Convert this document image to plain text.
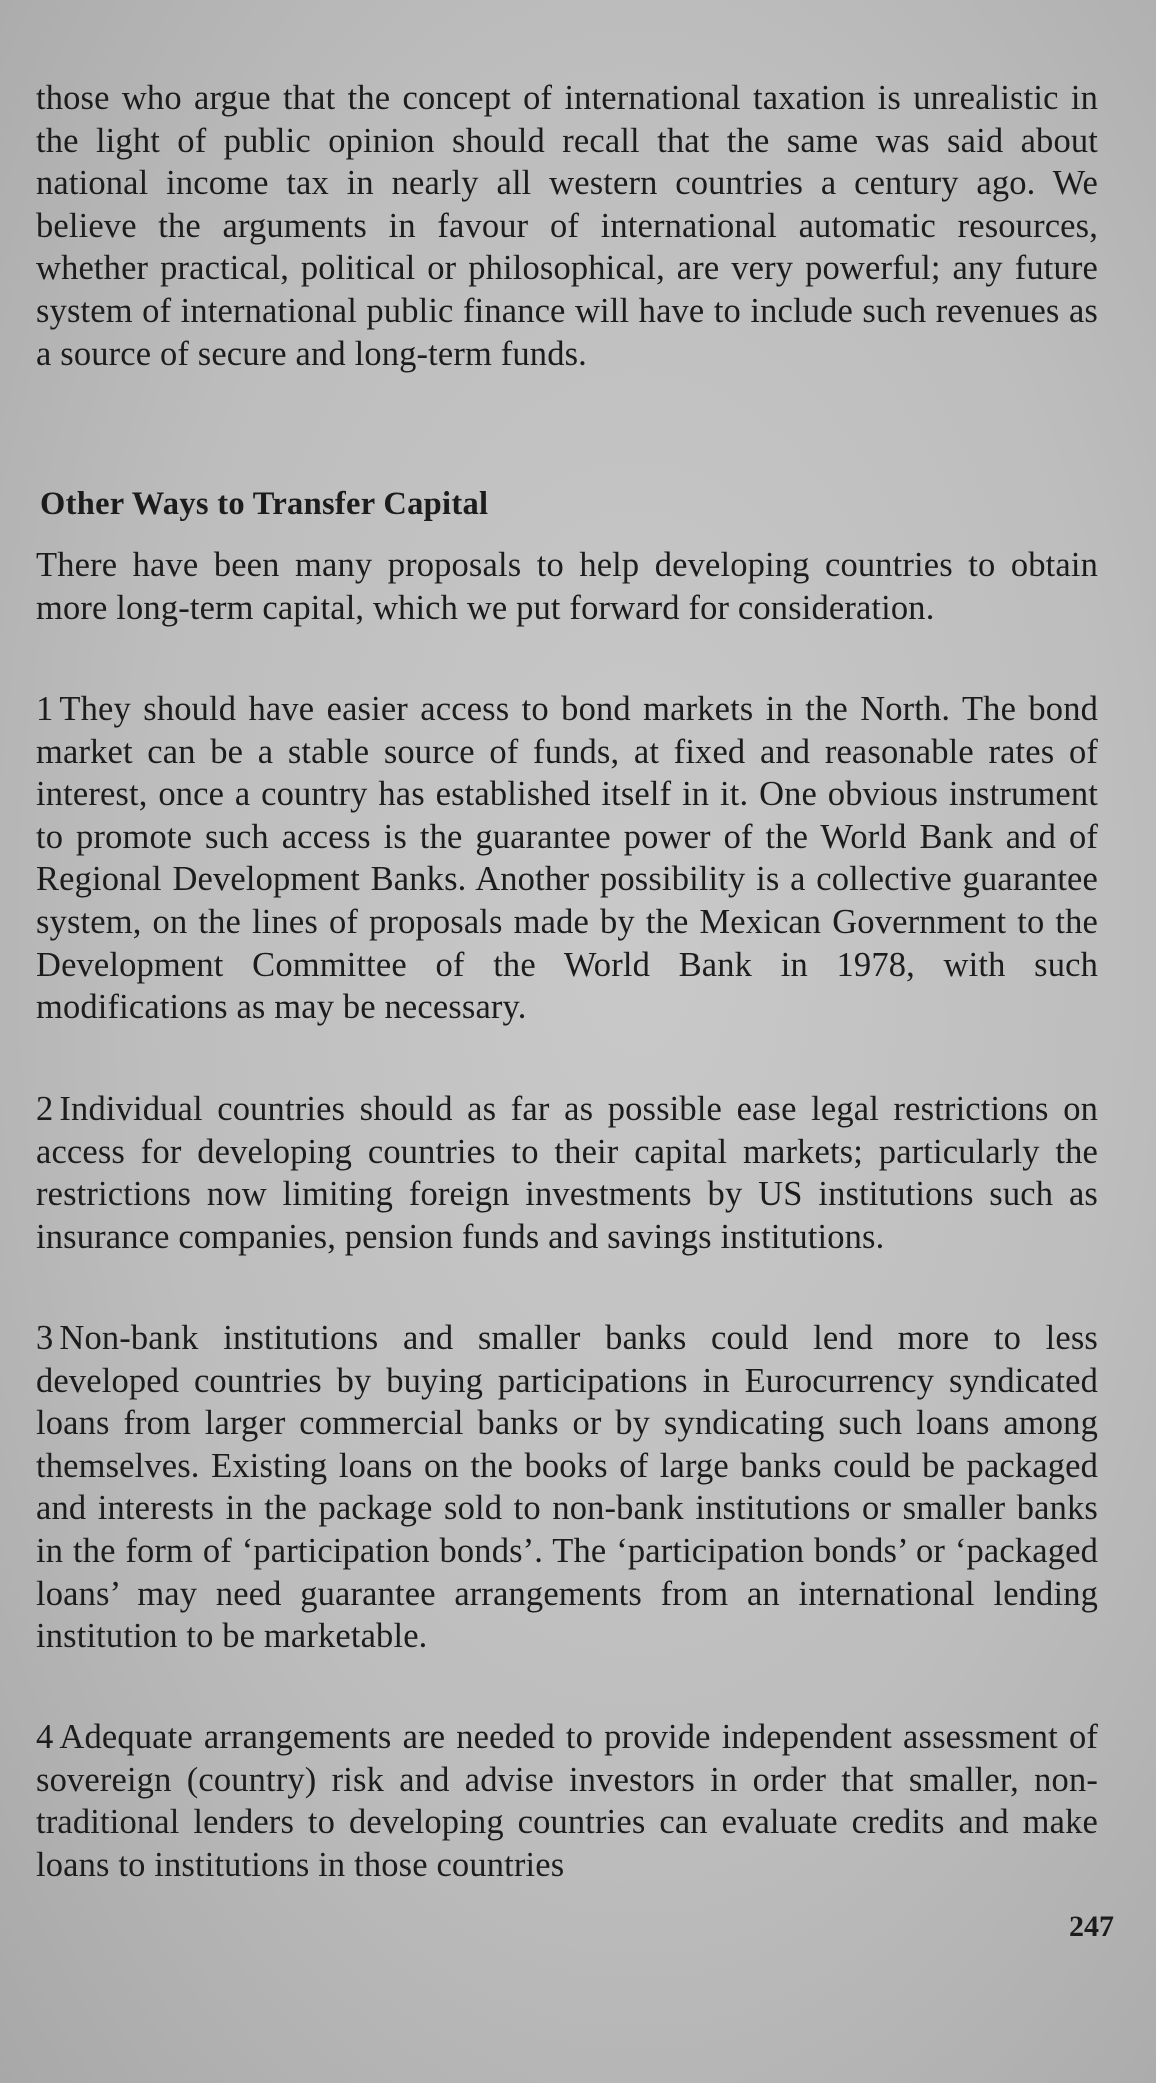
those who argue that the concept of international taxation is unrealistic in the light of public opinion should recall that the same was said about national income tax in nearly all western countries a century ago. We believe the arguments in favour of international automatic resources, whether practical, political or philosophical, are very powerful; any future system of international public finance will have to include such revenues as a source of secure and long-term funds.

Other Ways to Transfer Capital

There have been many proposals to help developing countries to obtain more long-term capital, which we put forward for consideration.

1 They should have easier access to bond markets in the North. The bond market can be a stable source of funds, at fixed and reasonable rates of interest, once a country has established itself in it. One obvious instrument to promote such access is the guarantee power of the World Bank and of Regional Development Banks. Another possibility is a collective guarantee system, on the lines of proposals made by the Mexican Government to the Development Committee of the World Bank in 1978, with such modifications as may be necessary.

2 Individual countries should as far as possible ease legal restrictions on access for developing countries to their capital markets; particularly the restrictions now limiting foreign investments by US institutions such as insurance companies, pension funds and savings institutions.

3 Non-bank institutions and smaller banks could lend more to less developed countries by buying participations in Eurocurrency syndicated loans from larger commercial banks or by syndicating such loans among themselves. Existing loans on the books of large banks could be packaged and interests in the package sold to non-bank institutions or smaller banks in the form of ‘participation bonds’. The ‘participation bonds’ or ‘packaged loans’ may need guarantee arrangements from an international lending institution to be marketable.

4 Adequate arrangements are needed to provide independent assessment of sovereign (country) risk and advise investors in order that smaller, non-traditional lenders to developing countries can evaluate credits and make loans to institutions in those countries

247
